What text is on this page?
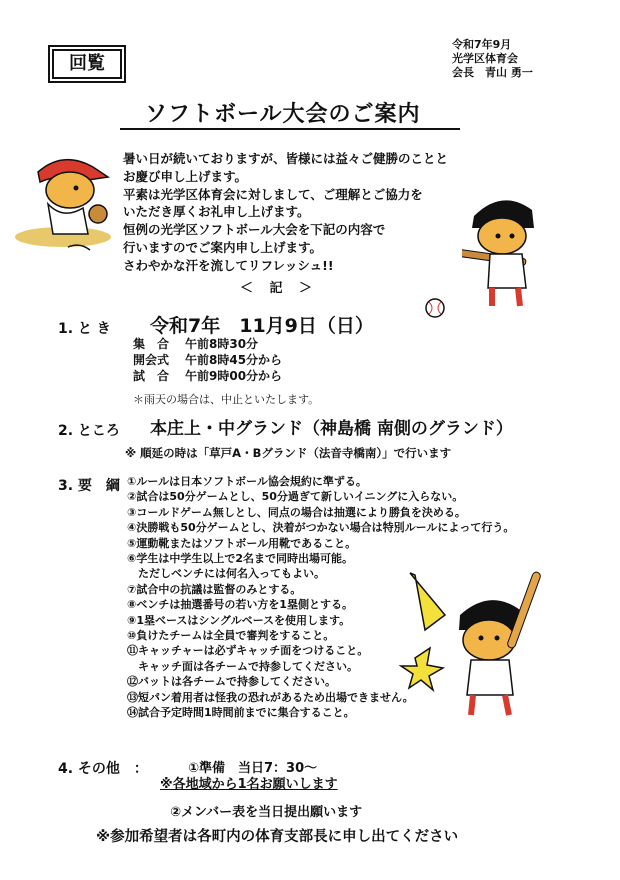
回覧
令和7年9月
光学区体育会
会長　青山 勇一
ソフトボール大会のご案内
暑い日が続いておりますが、皆様には益々ご健勝のことと
お慶び申し上げます。
平素は光学区体育会に対しまして、ご理解とご協力を
いただき厚くお礼申し上げます。
恒例の光学区ソフトボール大会を下記の内容で
行いますのでご案内申し上げます。
さわやかな汗を流してリフレッシュ!!
＜ 記 ＞
1. と き 令和7年　11月9日（日）
集　合 午前8時30分
開会式 午前8時45分から
試　合 午前9時00分から
＊雨天の場合は、中止といたします。
2. ところ 本庄上・中グランド（神島橋 南側のグランド）
※ 順延の時は「草戸A・Bグランド（法音寺橋南）」で行います
3. 要　綱 ①ルールは日本ソフトボール協会規約に準ずる。
②試合は50分ゲームとし、50分過ぎて新しいイニングに入らない。
③コールドゲーム無しとし、同点の場合は抽選により勝負を決める。
④決勝戦も50分ゲームとし、決着がつかない場合は特別ルールによって行う。
⑤運動靴またはソフトボール用靴であること。
⑥学生は中学生以上で2名まで同時出場可能。
　ただしベンチには何名入ってもよい。
⑦試合中の抗議は監督のみとする。
⑧ベンチは抽選番号の若い方を1塁側とする。
⑨1塁ベースはシングルベースを使用します。
⑩負けたチームは全員で審判をすること。
⑪キャッチャーは必ずキャッチ面をつけること。
　キャッチ面は各チームで持参してください。
⑫バットは各チームで持参してください。
⑬短パン着用者は怪我の恐れがあるため出場できません。
⑭試合予定時間1時間前までに集合すること。
4. その他　：	①準備　当日7：30～
※各地域から1名お願いします
②メンバー表を当日提出願います
※参加希望者は各町内の体育支部長に申し出てください
